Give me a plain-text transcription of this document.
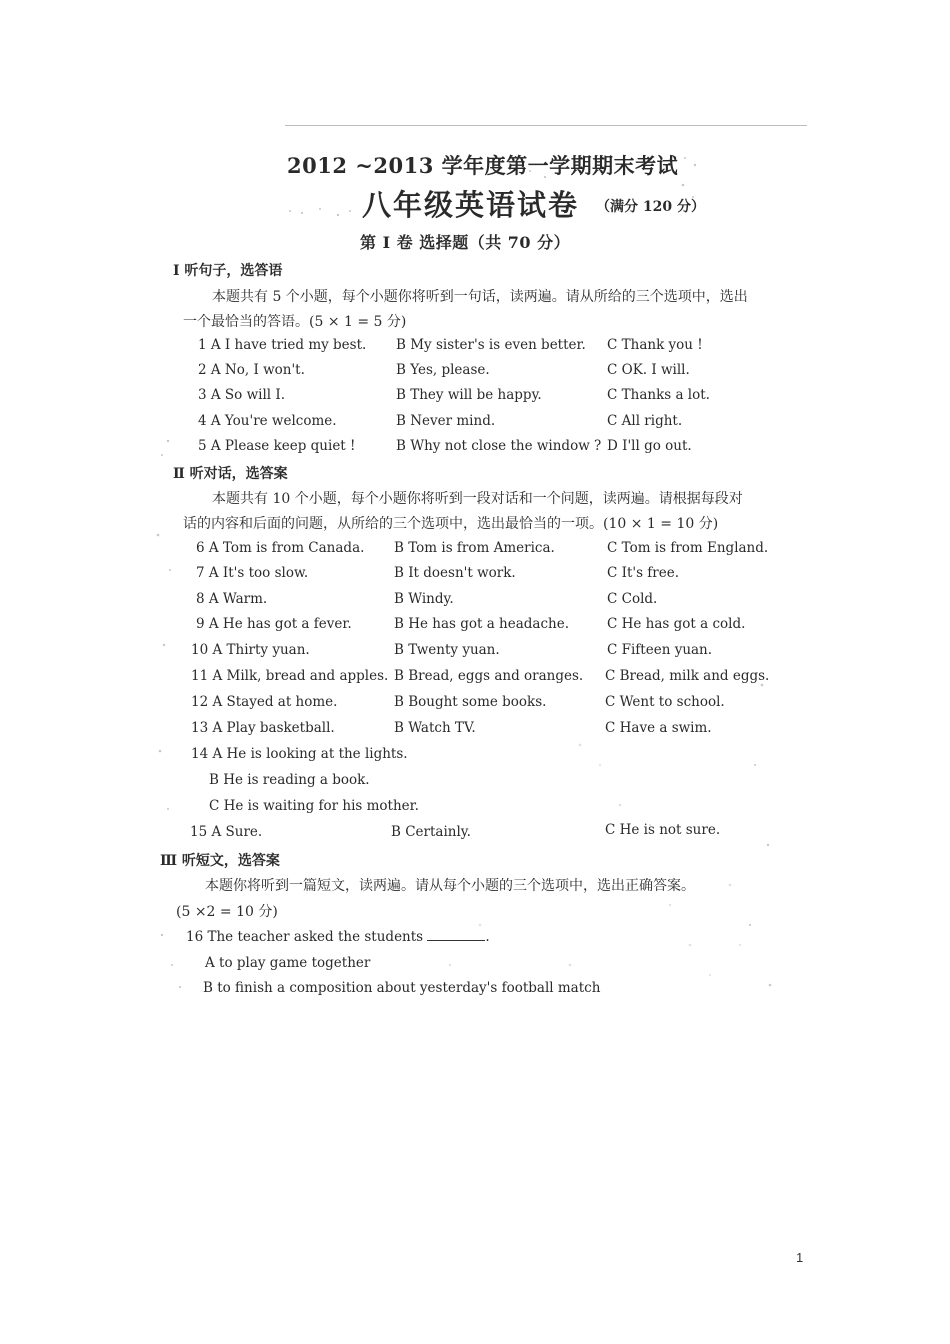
2012 ~2013 学年度第一学期期末考试
八年级英语试卷 （满分 120 分）
第 I 卷 选择题（共 70 分）
Ⅰ 听句子，选答语
本题共有 5 个小题，每个小题你将听到一句话，读两遍。请从所给的三个选项中，选出
一个最恰当的答语。(5 × 1 = 5 分)
1 A I have tried my best. B My sister's is even better. C Thank you !
2 A No, I won't.	B Yes, please.	C OK. I will.
3 A So will I.	B They will be happy.	C Thanks a lot.
4 A You're welcome.	B Never mind.	C All right.
5 A Please keep quiet !	B Why not close the window ? D I'll go out.
Ⅱ 听对话，选答案
本题共有 10 个小题，每个小题你将听到一段对话和一个问题，读两遍。请根据每段对
话的内容和后面的问题，从所给的三个选项中，选出最恰当的一项。(10 × 1 = 10 分)
6 A Tom is from Canada. B Tom is from America.	C Tom is from England.
7 A It's too slow.	B It doesn't work.	C It's free.
8 A Warm.	B Windy.	C Cold.
9 A He has got a fever.	B He has got a headache.	C He has got a cold.
10 A Thirty yuan.	B Twenty yuan.	C Fifteen yuan.
11 A Milk, bread and apples. B Bread, eggs and oranges. C Bread, milk and eggs.
12 A Stayed at home.	B Bought some books.	C Went to school.
13 A Play basketball.	B Watch TV.	C Have a swim.
14 A He is looking at the lights.
B He is reading a book.
C He is waiting for his mother.
15 A Sure.	B Certainly.	C He is not sure.
Ⅲ 听短文，选答案
本题你将听到一篇短文，读两遍。请从每个小题的三个选项中，选出正确答案。
(5 ×2 = 10 分)
16 The teacher asked the students	.
A to play game together
B to finish a composition about yesterday's football match
1
